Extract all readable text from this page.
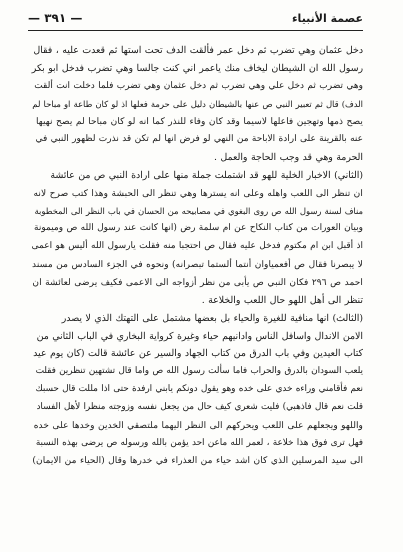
عصمة الأنبياء
— ٣٩١ —
دخل عثمان وهي تضرب ثم دخل عمر فألقت الدف تحت استها ثم قعدت عليه ، فقال
رسول الله ان الشيطان ليخاف منك ياعمر اني كنت جالسا وهي تضرب فدخل ابو بكر
وهي تضرب ثم دخل علي وهي تضرب ثم دخل عثمان وهي تضرب فلما دخلت انت ألقت
الدف) قال ثم تعبير النبي ص عنها بالشيطان دليل على حرمة فعلها اذ لو كان طاعة او مباحا لم
يصح ذمها وتهجين فاعلها لاسيما وقد كان وفاء للنذر كما انه لو كان مباحا لم يصح نهيها
عنه بالقرينة على ارادة الاباحة من النهي لو فرض انها لم تكن قد نذرت لظهور النبي في
الحرمة وهي قد وجب الحاجة والعمل .
(الثاني) الاخبار الخلية للهو قد اشتملت جملة منها على ارادة النبي ص من عائشة
ان تنظر الى اللعب واهله وعلى انه يسترها وهي تنظر الى الحبشة وهذا كتب صرح لانه
مناف لسنة رسول الله ص روى البغوي في مصابيحه من الحسان في باب النظر الى المخطوبة
وبيان العورات من كتاب النكاح عن ام سلمة رض (انها كانت عند رسول الله ص وميمونة
اذ أقبل ابن ام مكتوم فدخل عليه فقال ص احتجبا منه فقلت يارسول الله أليس هو اعمى
لا يبصرنا فقال ص أفعمياوان أنتما ألستما تبصرانه) ونحوه في الجزء السادس من مسند
احمد ص ٢٩٦ فكان النبي ص يأبى من نظر أزواجه الى الاعمى فكيف يرضى لعائشة ان
تنظر الى أهل اللهو حال اللعب والخلاعة .
(الثالث) انها منافية للغيرة والحياء بل بعضها مشتمل على التهتك الذي لا يصدر
الامن الاندال واسافل الناس وادانيهم حياء وغيرة كرواية البخاري في الباب الثاني من
كتاب العيدين وفي باب الدرق من كتاب الجهاد والسير عن عائشة قالت (كان يوم عيد
يلعب السودان بالدرق والحراب فاما سألت رسول الله ص واما قال تشتهين تنظرين فقلت
نعم فأقامني وراءه خدي على خده وهو يقول دونكم يابني ارفدة حتى اذا مللت قال حسبك
قلت نعم قال فاذهبي) فليت شعري كيف حال من يجعل نفسه وزوجته منظرا لأهل الفساد
واللهو ويجعلهم على اللعب ويحركهم الى النظر اليهما ملتصقي الخدين وخدها على خده
فهل ترى فوق هذا خلاعة ، لعمر الله ماعن احد يؤمن بالله ورسوله ص يرضى بهذه النسبة
الى سيد المرسلين الذي كان اشد حياء من العذراء في خدرها وقال (الحياء من الايمان)
